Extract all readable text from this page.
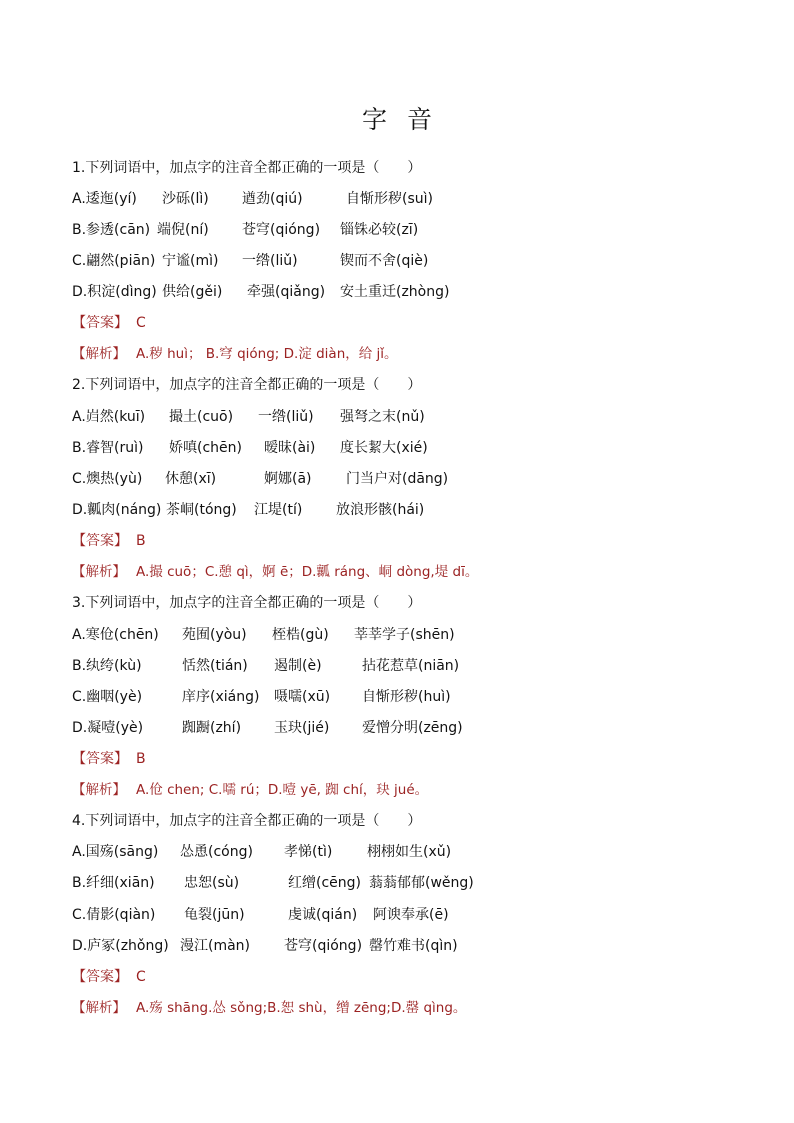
字 音
1.下列词语中，加点字的注音全都正确的一项是（　　）
A.逶迤(yí) 沙砾(lì) 遒劲(qiú)	自惭形秽(suì)
B.参透(cān) 端倪(ní) 苍穹(qióng) 锱铢必较(zī)
C.翩然(piān) 宁谧(mì) 一绺(liǔ)	锲而不舍(qiè)
D.积淀(dìng) 供给(gěi) 牵强(qiǎng) 安土重迁(zhòng)
【答案】 C
【解析】 A.秽 huì； B.穹 qióng; D.淀 diàn，给 jǐ。
2.下列词语中，加点字的注音全都正确的一项是（　　）
A.岿然(kuī) 撮土(cuō) 一绺(liǔ) 强弩之末(nǔ)
B.睿智(ruì) 娇嗔(chēn) 暧昧(ài) 度长絜大(xié)
C.燠热(yù) 休憩(xī)	婀娜(ā) 门当户对(dāng)
D.瓤肉(náng) 茶峒(tóng) 江堤(tí) 放浪形骸(hái)
【答案】 B
【解析】 A.撮 cuō；C.憩 qì，婀 ē；D.瓤 ráng、峒 dòng,堤 dī。
3.下列词语中，加点字的注音全都正确的一项是（　　）
A.寒伧(chēn) 苑囿(yòu) 桎梏(gù) 莘莘学子(shēn)
B.纨绔(kù)	恬然(tián) 遏制(è)	拈花惹草(niān)
C.幽咽(yè)	庠序(xiáng) 嗫嚅(xū) 自惭形秽(huì)
D.凝噎(yè)	踟蹰(zhí) 玉玦(jié) 爱憎分明(zēng)
【答案】 B
【解析】 A.伧 chen; C.嚅 rú；D.噎 yē, 踟 chí，玦 jué。
4.下列词语中，加点字的注音全都正确的一项是（　　）
A.国殇(sāng) 怂恿(cóng) 孝悌(tì) 栩栩如生(xǔ)
B.纤细(xiān) 忠恕(sù)	红缯(cēng) 蓊蓊郁郁(wěng)
C.倩影(qiàn) 龟裂(jūn)	虔诚(qián) 阿谀奉承(ē)
D.庐冢(zhǒng) 漫江(màn) 苍穹(qióng) 罄竹难书(qìn)
【答案】 C
【解析】 A.殇 shāng.怂 sǒng;B.恕 shù，缯 zēng;D.罄 qìng。
